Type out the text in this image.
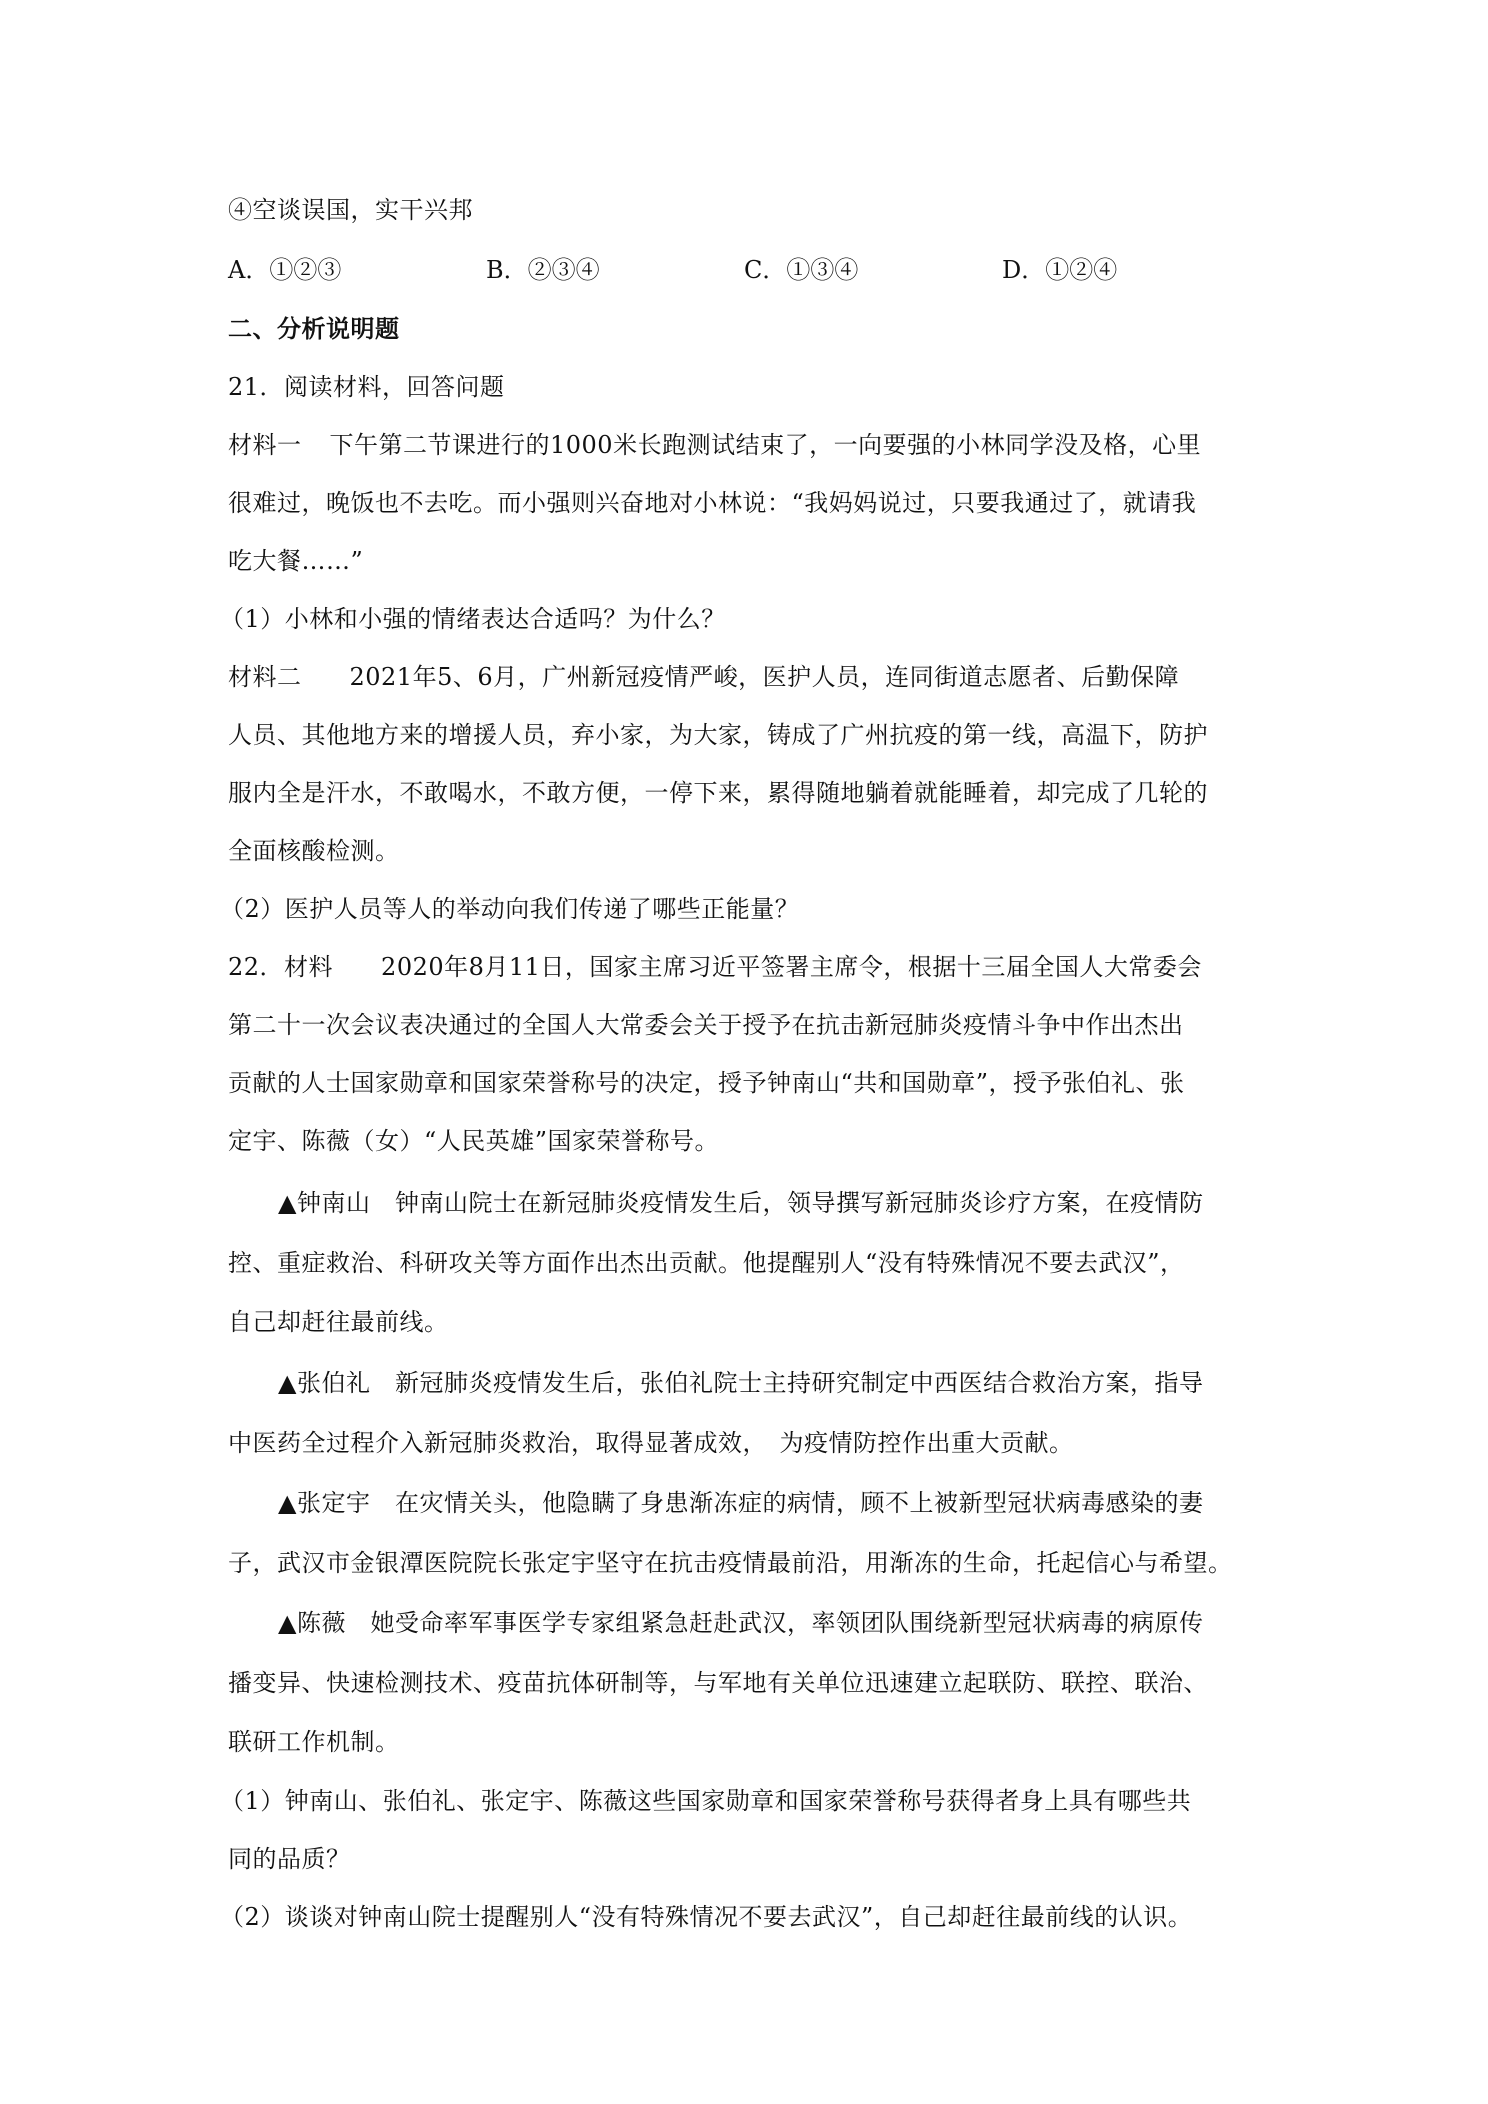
④空谈误国，实干兴邦
A．①②③	B．②③④	C．①③④	D．①②④
二、分析说明题
21．阅读材料，回答问题
材料一 下午第二节课进行的1000米长跑测试结束了，一向要强的小林同学没及格，心里
很难过，晚饭也不去吃。而小强则兴奋地对小林说：“我妈妈说过，只要我通过了，就请我
吃大餐……”
（1）小林和小强的情绪表达合适吗？为什么？
材料二 2021年5、6月，广州新冠疫情严峻，医护人员，连同街道志愿者、后勤保障
人员、其他地方来的增援人员，弃小家，为大家，铸成了广州抗疫的第一线，高温下，防护
服内全是汗水，不敢喝水，不敢方便，一停下来，累得随地躺着就能睡着，却完成了几轮的
全面核酸检测。
（2）医护人员等人的举动向我们传递了哪些正能量？
22．材料 2020年8月11日，国家主席习近平签署主席令，根据十三届全国人大常委会
第二十一次会议表决通过的全国人大常委会关于授予在抗击新冠肺炎疫情斗争中作出杰出
贡献的人士国家勋章和国家荣誉称号的决定，授予钟南山“共和国勋章”，授予张伯礼、张
定宇、陈薇（女）“人民英雄”国家荣誉称号。
▲钟南山　钟南山院士在新冠肺炎疫情发生后，领导撰写新冠肺炎诊疗方案，在疫情防
控、重症救治、科研攻关等方面作出杰出贡献。他提醒别人“没有特殊情况不要去武汉”，
自己却赶往最前线。
▲张伯礼　新冠肺炎疫情发生后，张伯礼院士主持研究制定中西医结合救治方案，指导
中医药全过程介入新冠肺炎救治，取得显著成效，　为疫情防控作出重大贡献。
▲张定宇　在灾情关头，他隐瞒了身患渐冻症的病情，顾不上被新型冠状病毒感染的妻
子，武汉市金银潭医院院长张定宇坚守在抗击疫情最前沿，用渐冻的生命，托起信心与希望。
▲陈薇　她受命率军事医学专家组紧急赶赴武汉，率领团队围绕新型冠状病毒的病原传
播变异、快速检测技术、疫苗抗体研制等，与军地有关单位迅速建立起联防、联控、联治、
联研工作机制。
（1）钟南山、张伯礼、张定宇、陈薇这些国家勋章和国家荣誉称号获得者身上具有哪些共
同的品质？
（2）谈谈对钟南山院士提醒别人“没有特殊情况不要去武汉”，自己却赶往最前线的认识。
